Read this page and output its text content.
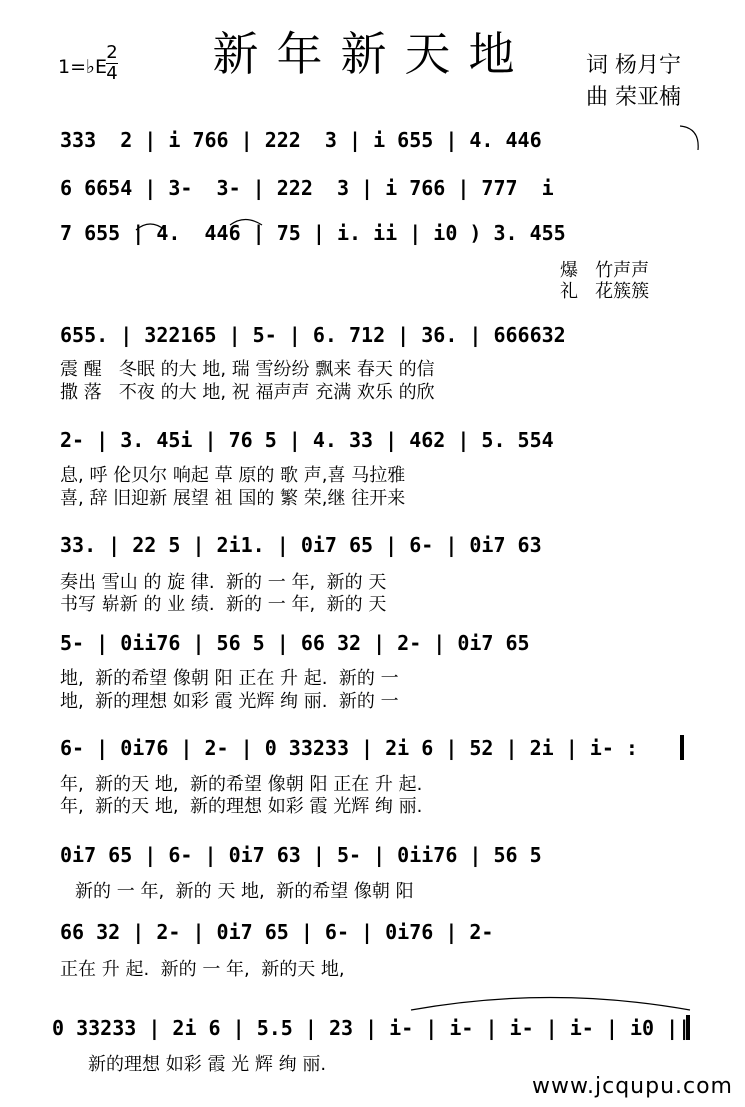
新年新天地
1=♭E
2
4	词 杨月宁
曲 荣亚楠
333  2 | i 766 | 222  3 | i 655 | 4. 446
6 6654 | 3-  3- | 222  3 | i 766 | 777  i
7 655 | 4.  446 | 75 | i. ii | i0 ) 3. 455
爆   竹声声
礼   花簇簇
655. | 322165 | 5- | 6. 712 | 36. | 666632
震 醒   冬眠 的大 地, 瑞 雪纷纷 飘来 春天 的信
撒 落   不夜 的大 地, 祝 福声声 充满 欢乐 的欣
2- | 3. 45i | 76 5 | 4. 33 | 462 | 5. 554
息, 呼 伦贝尔 响起 草 原的 歌 声,喜 马拉雅
喜, 辞 旧迎新 展望 祖 国的 繁 荣,继 往开来
33. | 22 5 | 2i1. | 0i7 65 | 6- | 0i7 63
奏出 雪山 的 旋 律.  新的 一 年,  新的 天
书写 崭新 的 业 绩.  新的 一 年,  新的 天
5- | 0ii76 | 56 5 | 66 32 | 2- | 0i7 65
地,  新的希望 像朝 阳 正在 升 起.  新的 一
地,  新的理想 如彩 霞 光辉 绚 丽.  新的 一
6- | 0i76 | 2- | 0 33233 | 2i 6 | 52 | 2i | i- :
年,  新的天 地,  新的希望 像朝 阳 正在 升 起.
年,  新的天 地,  新的理想 如彩 霞 光辉 绚 丽.
0i7 65 | 6- | 0i7 63 | 5- | 0ii76 | 56 5
新的 一 年,  新的 天 地,  新的希望 像朝 阳
66 32 | 2- | 0i7 65 | 6- | 0i76 | 2-
正在 升 起.  新的 一 年,  新的天 地,
0 33233 | 2i 6 | 5.5 | 23 | i- | i- | i- | i- | i0 ||
新的理想 如彩 霞 光 辉 绚 丽.
www.jcqupu.com
